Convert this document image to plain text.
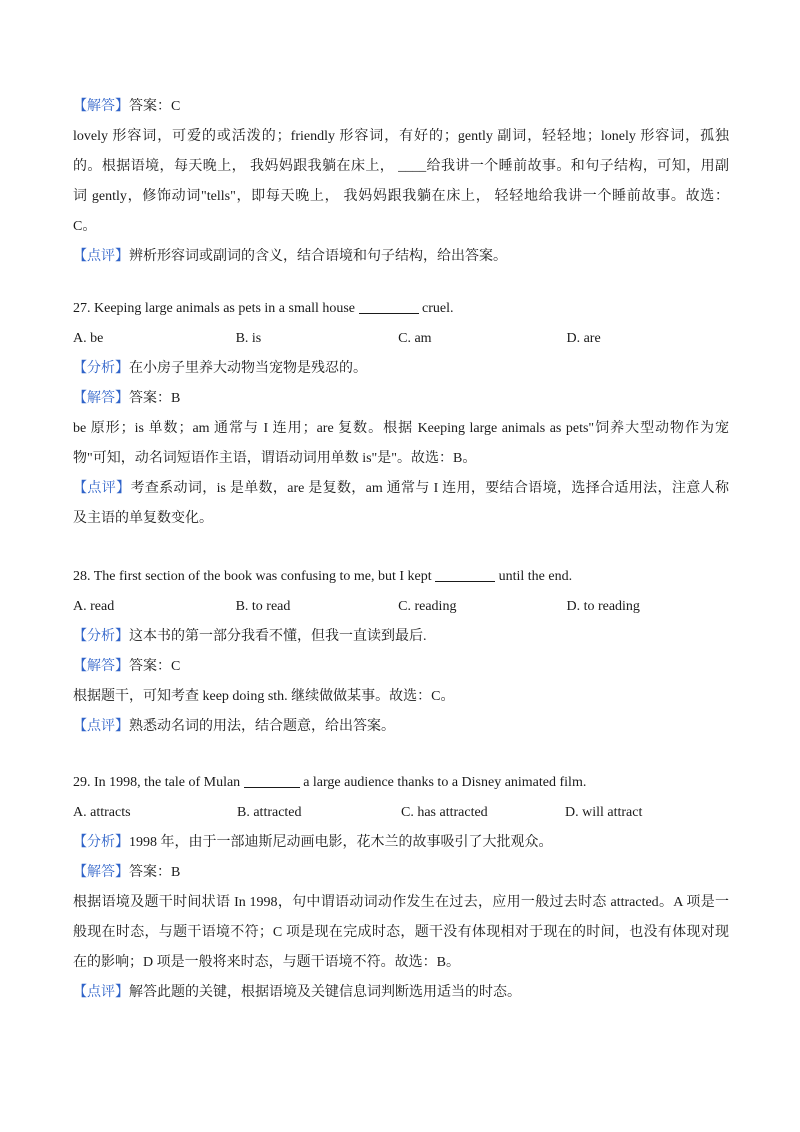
【解答】答案：C
lovely 形容词，可爱的或活泼的；friendly 形容词，有好的；gently 副词，轻轻地；lonely 形容词，孤独
的。根据语境，每天晚上， 我妈妈跟我躺在床上， ____给我讲一个睡前故事。和句子结构，可知，用副
词 gently，修饰动词"tells"，即每天晚上， 我妈妈跟我躺在床上， 轻轻地给我讲一个睡前故事。故选：
C。
【点评】辨析形容词或副词的含义，结合语境和句子结构，给出答案。
27. Keeping large animals as pets in a small house	cruel.
A. be	B. is	C. am	D. are
【分析】在小房子里养大动物当宠物是残忍的。
【解答】答案：B
be 原形；is 单数；am 通常与 I 连用；are 复数。根据 Keeping large animals as pets"饲养大型动物作为宠
物"可知，动名词短语作主语，谓语动词用单数 is"是"。故选：B。
【点评】考查系动词，is 是单数，are 是复数，am 通常与 I 连用，要结合语境，选择合适用法，注意人称
及主语的单复数变化。
28. The first section of the book was confusing to me, but I kept	until the end.
A. read	B. to read	C. reading	D. to reading
【分析】这本书的第一部分我看不懂，但我一直读到最后.
【解答】答案：C
根据题干，可知考查 keep doing sth. 继续做做某事。故选：C。
【点评】熟悉动名词的用法，结合题意，给出答案。
29. In 1998, the tale of Mulan	a large audience thanks to a Disney animated film.
A. attracts	B. attracted	C. has attracted	D. will attract
【分析】1998 年，由于一部迪斯尼动画电影，花木兰的故事吸引了大批观众。
【解答】答案：B
根据语境及题干时间状语 In 1998，句中谓语动词动作发生在过去，应用一般过去时态 attracted。A 项是一
般现在时态，与题干语境不符；C 项是现在完成时态，题干没有体现相对于现在的时间，也没有体现对现
在的影响；D 项是一般将来时态，与题干语境不符。故选：B。
【点评】解答此题的关键，根据语境及关键信息词判断选用适当的时态。
